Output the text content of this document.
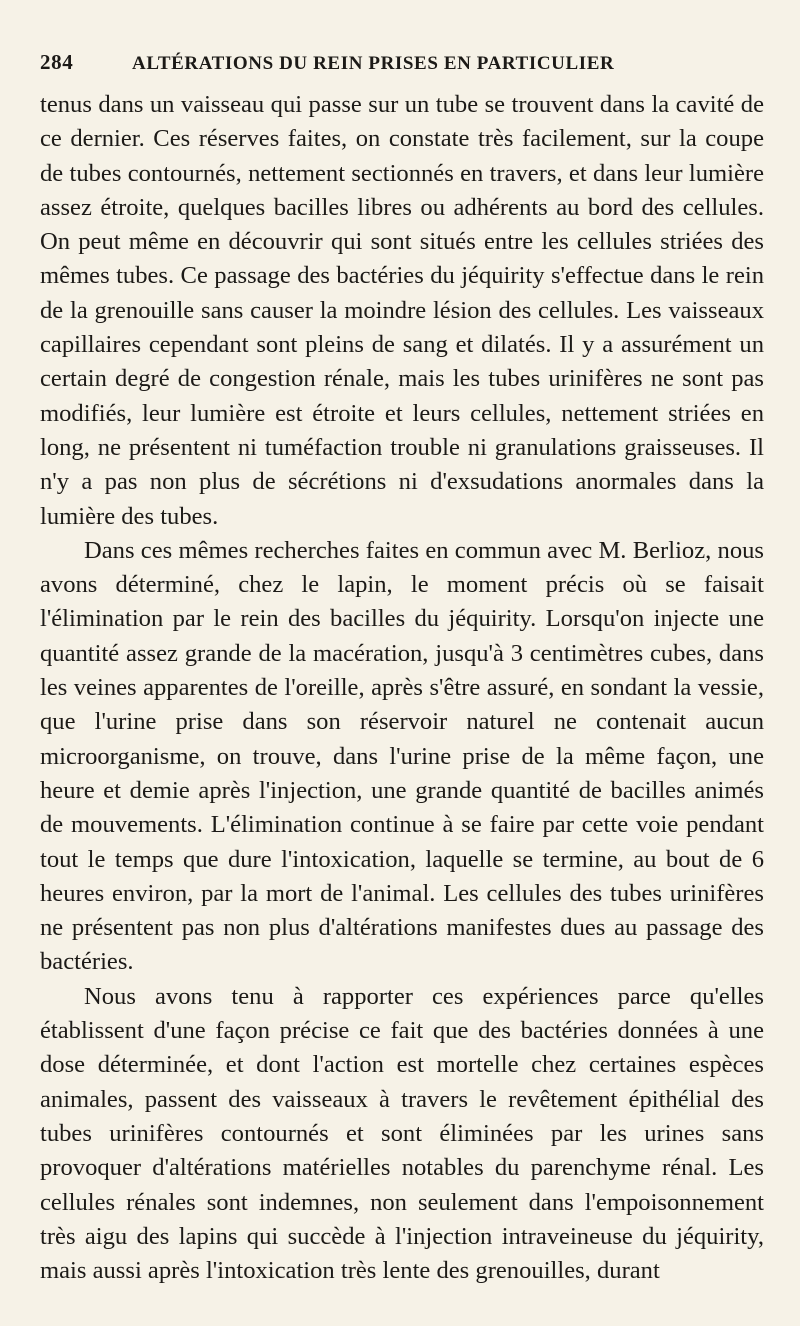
284	ALTÉRATIONS DU REIN PRISES EN PARTICULIER

tenus dans un vaisseau qui passe sur un tube se trouvent dans la cavité de ce dernier. Ces réserves faites, on constate très facilement, sur la coupe de tubes contournés, nettement sectionnés en travers, et dans leur lumière assez étroite, quelques bacilles libres ou adhérents au bord des cellules. On peut même en découvrir qui sont situés entre les cellules striées des mêmes tubes. Ce passage des bactéries du jéquirity s'effectue dans le rein de la grenouille sans causer la moindre lésion des cellules. Les vaisseaux capillaires cependant sont pleins de sang et dilatés. Il y a assurément un certain degré de congestion rénale, mais les tubes urinifères ne sont pas modifiés, leur lumière est étroite et leurs cellules, nettement striées en long, ne présentent ni tuméfaction trouble ni granulations graisseuses. Il n'y a pas non plus de sécrétions ni d'exsudations anormales dans la lumière des tubes.

Dans ces mêmes recherches faites en commun avec M. Berlioz, nous avons déterminé, chez le lapin, le moment précis où se faisait l'élimination par le rein des bacilles du jéquirity. Lorsqu'on injecte une quantité assez grande de la macération, jusqu'à 3 centimètres cubes, dans les veines apparentes de l'oreille, après s'être assuré, en sondant la vessie, que l'urine prise dans son réservoir naturel ne contenait aucun microorganisme, on trouve, dans l'urine prise de la même façon, une heure et demie après l'injection, une grande quantité de bacilles animés de mouvements. L'élimination continue à se faire par cette voie pendant tout le temps que dure l'intoxication, laquelle se termine, au bout de 6 heures environ, par la mort de l'animal. Les cellules des tubes urinifères ne présentent pas non plus d'altérations manifestes dues au passage des bactéries.

Nous avons tenu à rapporter ces expériences parce qu'elles établissent d'une façon précise ce fait que des bactéries données à une dose déterminée, et dont l'action est mortelle chez certaines espèces animales, passent des vaisseaux à travers le revêtement épithélial des tubes urinifères contournés et sont éliminées par les urines sans provoquer d'altérations matérielles notables du parenchyme rénal. Les cellules rénales sont indemnes, non seulement dans l'empoisonnement très aigu des lapins qui succède à l'injection intraveineuse du jéquirity, mais aussi après l'intoxication très lente des grenouilles, durant
